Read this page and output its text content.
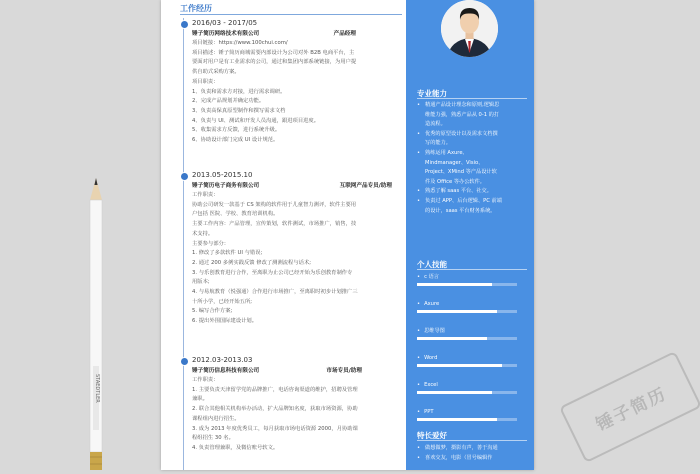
STAEDTLER
工作经历
2016/03 - 2017/05
锤子简历网络技术有限公司	产品经理
项目链接：https://www.100chui.com/
项目描述：锤子简历商城需要内部设计为公司对外 B2B 电商平台，主
要面对用户是有工业需求的公司，通过和集团内部系统链接，为用户提
供自助式采购方案。
项目职责：
1、负责和需求方对接，进行需求调研。
2、完成产品规划并确定功能。
3、负责高保真原型制作和撰写需求文档
4、负责与 UI、测试和开发人员沟通，跟进项目进度。
5、收集需求方反馈，进行系统升级。
6、协助设计部门完成 UI 设计规范。
2013.05-2015.10
锤子简历电子商务有限公司	互联网产品专员/助理
工作职责：
协助公司研发一款基于 CS 架构的软件用于儿童智力测评，软件主要用
户包括 医院、学校、教育培训机构。
主要工作内容：产品管理，宣传策划，软件测试，市场推广，销售，技
术支持。
主要参与部分：
1. 修改了多款软件 UI 与错误;
2. 通过 200 多例实践反馈 修改了测测流程与话术;
3. 与乐创教育进行合作，至离职为止公司已经开始为乐创教育制作专
用版本;
4. 与易航教育（悦强通）合作进行市场推广，至离职时初步计划推广三
十所小学，已经开始五所;
5. 编写合作方案;
6. 提出外围国际建设计划。
2012.03-2013.03
锤子简历信息科技有限公司	市场专员/助理
工作职责：
1. 主要负责天津留学党的品牌推广，电话咨询渠道的维护，招聘及管理
兼职。
2. 联合其他相关机构举办活动，扩大品牌知名度，获取市场资源，协助
课程组内进行招生。
3. 成为 2013 年度优秀员工，每月获取市场电话资源 2000，月协助课
程组招生 30 名。
4. 负责管理兼职，及微信账号软文。
专业能力
• 精通产品设计理念和原则,逻辑思
维能力强，熟悉产品从 0-1 的打
造流程。
• 优秀的原型设计以及需求文档撰
写的能力。
• 熟练运用 Axure、
Mindmanager、Visio、
Project、XMind 等产品设计软
件及 Office 等办公软件。
• 熟悉了解 saas 平台、社交。
• 负责过 APP、后台逻辑、PC 前端
的设计，saas 平台财务系统。
个人技能
• c 语言
• Axure
• 思维导图
• Word
• Excel
• PPT
特长爱好
• 做想做梦，摄影有声，善于沟通
• 喜欢交友，电影（冒号编辑作
锤子简历
